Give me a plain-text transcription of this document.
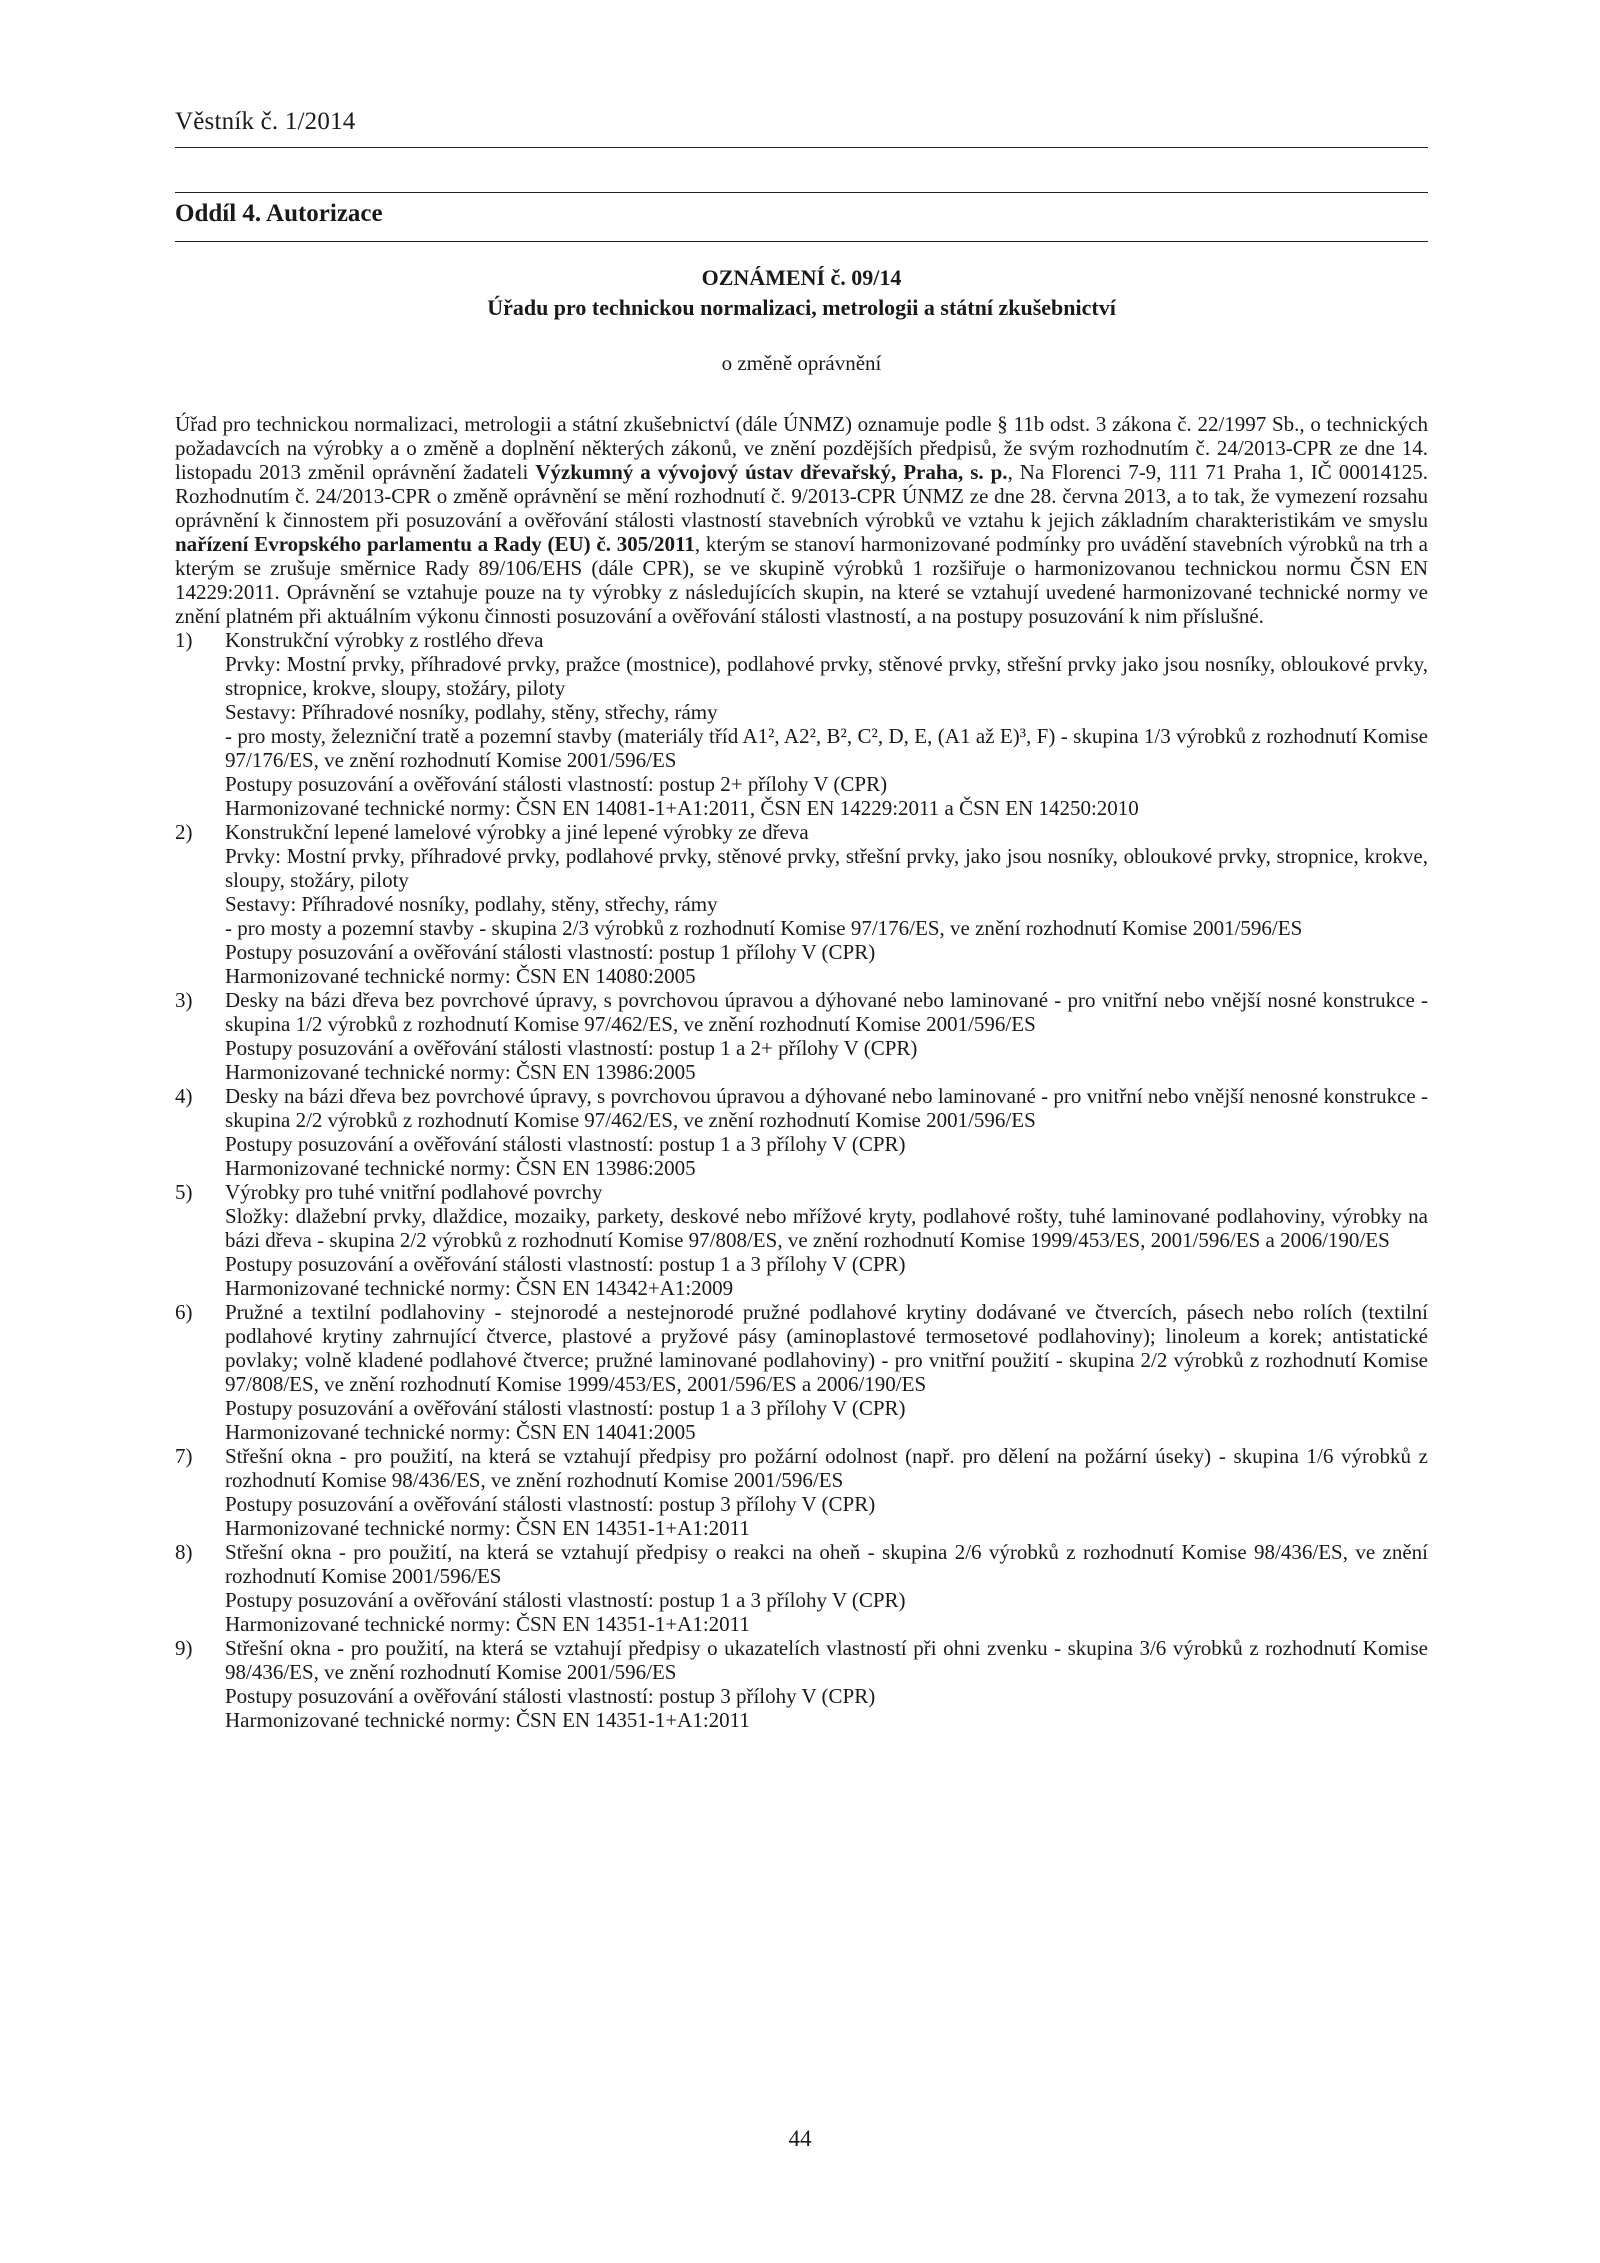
Věstník č. 1/2014
Oddíl 4. Autorizace
OZNÁMENÍ č. 09/14
Úřadu pro technickou normalizaci, metrologii a státní zkušebnictví
o změně oprávnění

Úřad pro technickou normalizaci, metrologii a státní zkušebnictví (dále ÚNMZ) oznamuje podle § 11b odst. 3 zákona č. 22/1997 Sb., o technických požadavcích na výrobky a o změně a doplnění některých zákonů, ve znění pozdějších předpisů, že svým rozhodnutím č. 24/2013-CPR ze dne 14. listopadu 2013 změnil oprávnění žadateli Výzkumný a vývojový ústav dřevařský, Praha, s. p., Na Florenci 7-9, 111 71 Praha 1, IČ 00014125. Rozhodnutím č. 24/2013-CPR o změně oprávnění se mění rozhodnutí č. 9/2013-CPR ÚNMZ ze dne 28. června 2013, a to tak, že vymezení rozsahu oprávnění k činnostem při posuzování a ověřování stálosti vlastností stavebních výrobků ve vztahu k jejich základním charakteristikám ve smyslu nařízení Evropského parlamentu a Rady (EU) č. 305/2011, kterým se stanoví harmonizované podmínky pro uvádění stavebních výrobků na trh a kterým se zrušuje směrnice Rady 89/106/EHS (dále CPR), se ve skupině výrobků 1 rozšiřuje o harmonizovanou technickou normu ČSN EN 14229:2011. Oprávnění se vztahuje pouze na ty výrobky z následujících skupin, na které se vztahují uvedené harmonizované technické normy ve znění platném při aktuálním výkonu činnosti posuzování a ověřování stálosti vlastností, a na postupy posuzování k nim příslušné.

1)	Konstrukční výrobky z rostlého dřeva

Prvky: Mostní prvky, příhradové prvky, pražce (mostnice), podlahové prvky, stěnové prvky, střešní prvky jako jsou nosníky, obloukové prvky, stropnice, krokve, sloupy, stožáry, piloty

Sestavy: Příhradové nosníky, podlahy, stěny, střechy, rámy

- pro mosty, železniční tratě a pozemní stavby (materiály tříd A1², A2², B², C², D, E, (A1 až E)³, F) - skupina 1/3 výrobků z rozhodnutí Komise 97/176/ES, ve znění rozhodnutí Komise 2001/596/ES

Postupy posuzování a ověřování stálosti vlastností: postup 2+ přílohy V (CPR)

Harmonizované technické normy: ČSN EN 14081-1+A1:2011, ČSN EN 14229:2011 a ČSN EN 14250:2010

2)	Konstrukční lepené lamelové výrobky a jiné lepené výrobky ze dřeva

Prvky: Mostní prvky, příhradové prvky, podlahové prvky, stěnové prvky, střešní prvky, jako jsou nosníky, obloukové prvky, stropnice, krokve, sloupy, stožáry, piloty

Sestavy: Příhradové nosníky, podlahy, stěny, střechy, rámy

- pro mosty a pozemní stavby - skupina 2/3 výrobků z rozhodnutí Komise 97/176/ES, ve znění rozhodnutí Komise 2001/596/ES

Postupy posuzování a ověřování stálosti vlastností: postup 1 přílohy V (CPR)

Harmonizované technické normy: ČSN EN 14080:2005

3)	Desky na bázi dřeva bez povrchové úpravy, s povrchovou úpravou a dýhované nebo laminované - pro vnitřní nebo vnější nosné konstrukce - skupina 1/2 výrobků z rozhodnutí Komise 97/462/ES, ve znění rozhodnutí Komise 2001/596/ES

Postupy posuzování a ověřování stálosti vlastností: postup 1 a 2+ přílohy V (CPR)

Harmonizované technické normy: ČSN EN 13986:2005

4)	Desky na bázi dřeva bez povrchové úpravy, s povrchovou úpravou a dýhované nebo laminované - pro vnitřní nebo vnější nenosné konstrukce - skupina 2/2 výrobků z rozhodnutí Komise 97/462/ES, ve znění rozhodnutí Komise 2001/596/ES

Postupy posuzování a ověřování stálosti vlastností: postup 1 a 3 přílohy V (CPR)

Harmonizované technické normy: ČSN EN 13986:2005

5)	Výrobky pro tuhé vnitřní podlahové povrchy

Složky: dlažební prvky, dlaždice, mozaiky, parkety, deskové nebo mřížové kryty, podlahové rošty, tuhé laminované podlahoviny, výrobky na bázi dřeva - skupina 2/2 výrobků z rozhodnutí Komise 97/808/ES, ve znění rozhodnutí Komise 1999/453/ES, 2001/596/ES a 2006/190/ES

Postupy posuzování a ověřování stálosti vlastností: postup 1 a 3 přílohy V (CPR)

Harmonizované technické normy: ČSN EN 14342+A1:2009

6)	Pružné a textilní podlahoviny - stejnorodé a nestejnorodé pružné podlahové krytiny dodávané ve čtvercích, pásech nebo rolích (textilní podlahové krytiny zahrnující čtverce, plastové a pryžové pásy (aminoplastové termosetové podlahoviny); linoleum a korek; antistatické povlaky; volně kladené podlahové čtverce; pružné laminované podlahoviny) - pro vnitřní použití - skupina 2/2 výrobků z rozhodnutí Komise 97/808/ES, ve znění rozhodnutí Komise 1999/453/ES, 2001/596/ES a 2006/190/ES

Postupy posuzování a ověřování stálosti vlastností: postup 1 a 3 přílohy V (CPR)

Harmonizované technické normy: ČSN EN 14041:2005

7)	Střešní okna - pro použití, na která se vztahují předpisy pro požární odolnost (např. pro dělení na požární úseky) - skupina 1/6 výrobků z rozhodnutí Komise 98/436/ES, ve znění rozhodnutí Komise 2001/596/ES

Postupy posuzování a ověřování stálosti vlastností: postup 3 přílohy V (CPR)

Harmonizované technické normy: ČSN EN 14351-1+A1:2011

8)	Střešní okna - pro použití, na která se vztahují předpisy o reakci na oheň - skupina 2/6 výrobků z rozhodnutí Komise 98/436/ES, ve znění rozhodnutí Komise 2001/596/ES

Postupy posuzování a ověřování stálosti vlastností: postup 1 a 3 přílohy V (CPR)

Harmonizované technické normy: ČSN EN 14351-1+A1:2011

9)	Střešní okna - pro použití, na která se vztahují předpisy o ukazatelích vlastností při ohni zvenku - skupina 3/6 výrobků z rozhodnutí Komise 98/436/ES, ve znění rozhodnutí Komise 2001/596/ES

Postupy posuzování a ověřování stálosti vlastností: postup 3 přílohy V (CPR)

Harmonizované technické normy: ČSN EN 14351-1+A1:2011

44
